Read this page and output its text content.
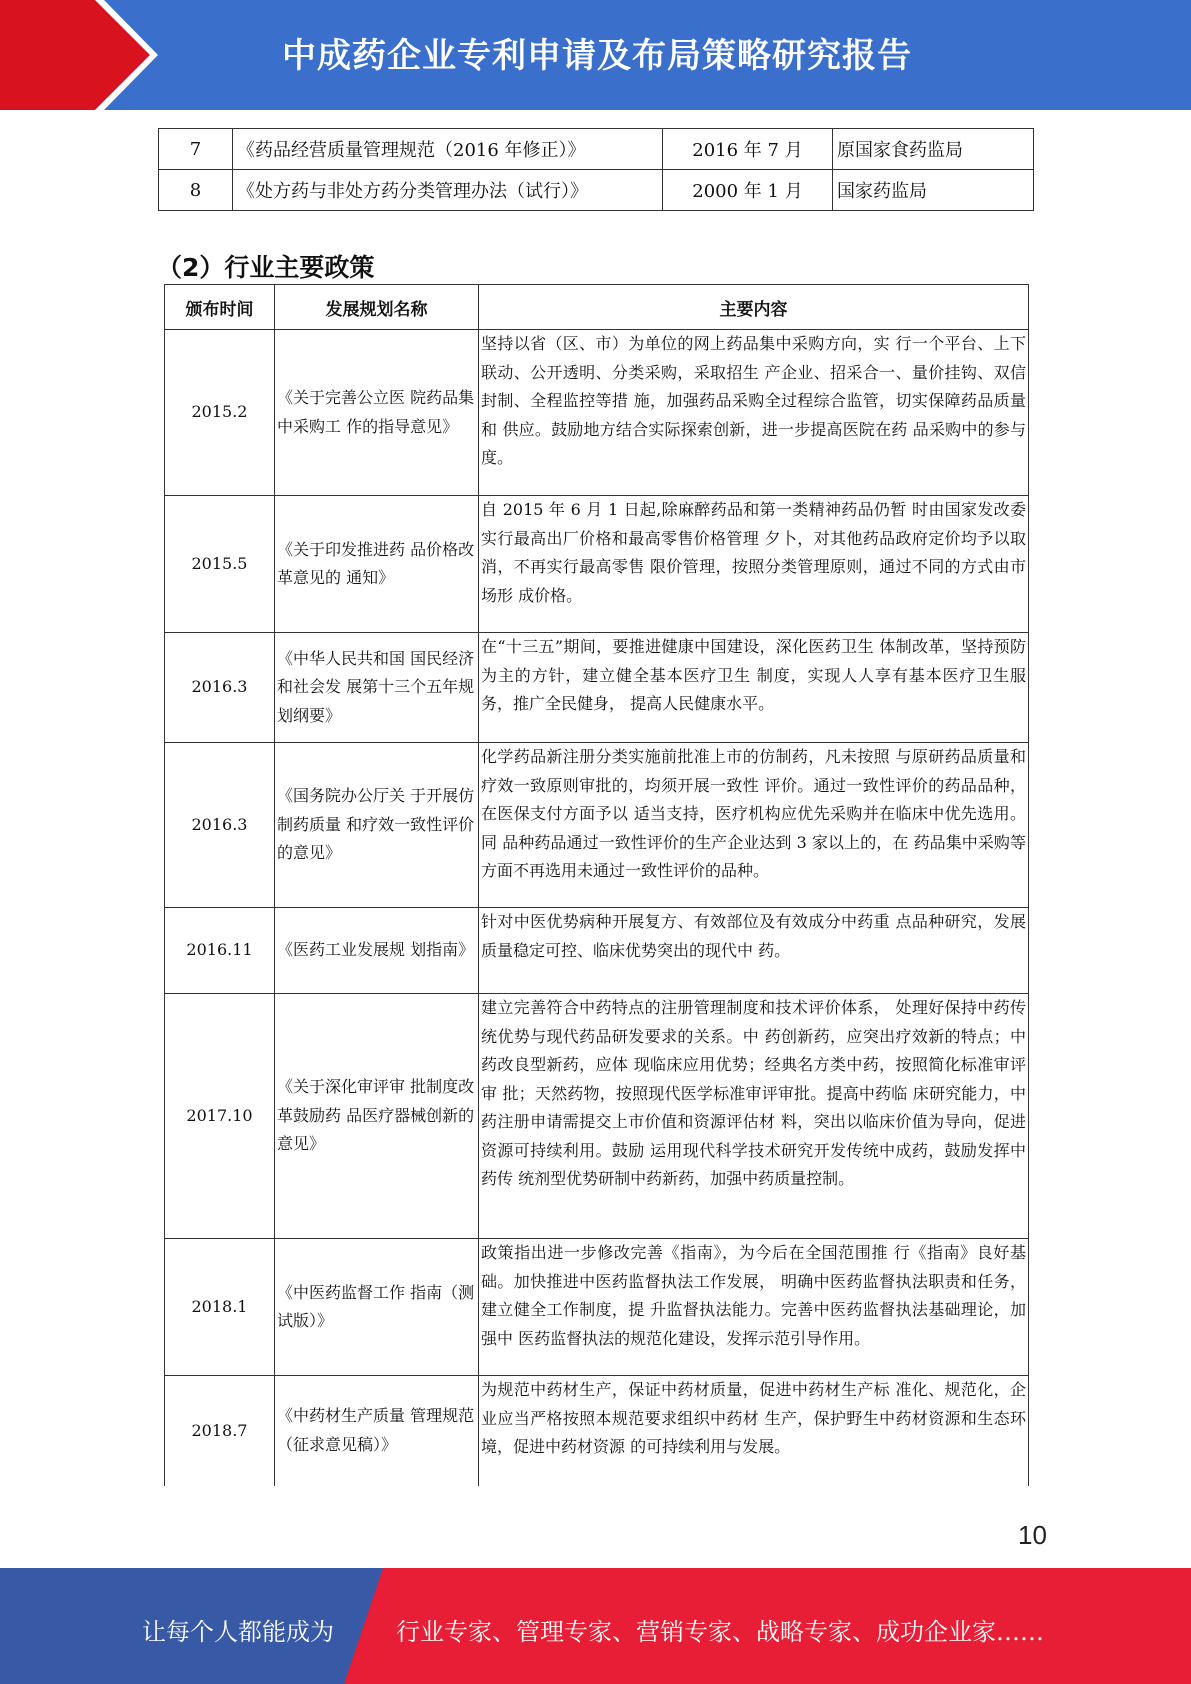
中成药企业专利申请及布局策略研究报告
7	《药品经营质量管理规范（2016 年修正）》	2016 年 7 月	原国家食药监局
8	《处方药与非处方药分类管理办法（试行）》	2000 年 1 月	国家药监局
（2）行业主要政策
颁布时间	发展规划名称	主要内容
2015.2	《关于完善公立医 院药品集中采购工 作的指导意见》	坚持以省（区、市）为单位的网上药品集中采购方向，实 行一个平台、上下联动、公开透明、分类采购，采取招生 产企业、招采合一、量价挂钩、双信封制、全程监控等措 施，加强药品采购全过程综合监管，切实保障药品质量和 供应。鼓励地方结合实际探索创新，进一步提高医院在药 品采购中的参与度。
2015.5	《关于印发推进药 品价格改革意见的 通知》	自 2015 年 6 月 1 日起,除麻醉药品和第一类精神药品仍暂 时由国家发改委实行最高出厂价格和最高零售价格管理 夕卜，对其他药品政府定价均予以取消，不再实行最高零售 限价管理，按照分类管理原则，通过不同的方式由市场形 成价格。
2016.3	《中华人民共和国 国民经济和社会发 展第十三个五年规 划纲要》	在“十三五”期间，要推进健康中国建设，深化医药卫生 体制改革，坚持预防为主的方针，建立健全基本医疗卫生 制度，实现人人享有基本医疗卫生服务，推广全民健身， 提高人民健康水平。
2016.3	《国务院办公厅关 于开展仿制药质量 和疗效一致性评价 的意见》	化学药品新注册分类实施前批准上市的仿制药，凡未按照 与原研药品质量和疗效一致原则审批的，均须开展一致性 评价。通过一致性评价的药品品种，在医保支付方面予以 适当支持，医疗机构应优先采购并在临床中优先选用。同 品种药品通过一致性评价的生产企业达到 3 家以上的，在 药品集中采购等方面不再选用未通过一致性评价的品种。
2016.11	《医药工业发展规 划指南》	针对中医优势病种开展复方、有效部位及有效成分中药重 点品种研究，发展质量稳定可控、临床优势突出的现代中 药。
2017.10	《关于深化审评审 批制度改革鼓励药 品医疗器械创新的 意见》	建立完善符合中药特点的注册管理制度和技术评价体系， 处理好保持中药传统优势与现代药品研发要求的关系。中 药创新药，应突出疗效新的特点；中药改良型新药，应体 现临床应用优势；经典名方类中药，按照简化标准审评审 批；天然药物，按照现代医学标准审评审批。提高中药临 床研究能力，中药注册申请需提交上市价值和资源评估材 料，突出以临床价值为导向，促进资源可持续利用。鼓励 运用现代科学技术研究开发传统中成药，鼓励发挥中药传 统剂型优势研制中药新药，加强中药质量控制。
2018.1	《中医药监督工作 指南（测试版）》	政策指出进一步修改完善《指南》，为今后在全国范围推 行《指南》良好基础。加快推进中医药监督执法工作发展， 明确中医药监督执法职责和任务，建立健全工作制度，提 升监督执法能力。完善中医药监督执法基础理论，加强中 医药监督执法的规范化建设，发挥示范引导作用。
2018.7	《中药材生产质量 管理规范（征求意见稿）》	为规范中药材生产，保证中药材质量，促进中药材生产标 准化、规范化，企业应当严格按照本规范要求组织中药材 生产，保护野生中药材资源和生态环境，促进中药材资源 的可持续利用与发展。
10
让每个人都能成为	行业专家、管理专家、营销专家、战略专家、成功企业家……
